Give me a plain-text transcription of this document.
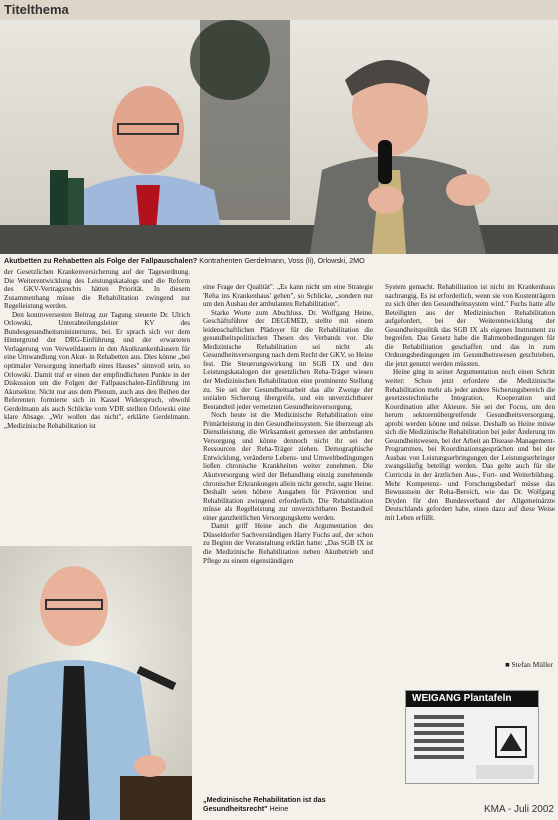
Titelthema
Akutbetten zu Rehabetten als Folge der Fallpauschalen? Kontrahenten Gerdelmann, Voss (li), Orlowski, 2MO

der Gesetzlichen Krankenversicherung auf der Tagesordnung. Die Weiterentwicklung des Leistungskatalogs und die Reform des GKV-Vertragsrechts hätten Priorität. In diesem Zusammenhang müsse die Rehabilitation zwingend zur Regelleistung werden.

Den kontroversesten Beitrag zur Tagung steuerte Dr. Ulrich Orlowski, Unterabteilungsleiter KV des Bundesgesundheitsministeriums, bei. Er sprach sich vor dem Hintergrund der DRG-Einführung und der erwarteten Verlagerung von Verweildauern in den Akutkrankenhäusern für eine Umwandlung von Akut- in Rehabetten aus. Dies könne „bei optimaler Versorgung innerhalb eines Hauses" sinnvoll sein, so Orlowski. Damit traf er einen der empfindlichsten Punkte in der Diskussion um die Folgen der Fallpauschalen-Einführung im Akutsektor. Nicht nur aus dem Plenum, auch aus den Reihen der Referenten formierte sich in Kassel Widerspruch, obwohl Gerdelmann als auch Schlicke vom VDR stellten Orlowski eine klare Absage. „Wir wollen das nicht", erklärte Gerdelmann. „Medizinische Rehabilitation ist

eine Frage der Qualität". „Es kann nicht um eine Strategie 'Reha ins Krankenhaus' gehen", so Schlicke, „sondern nur um den Ausbau der ambulanten Rehabilitation".

Starke Worte zum Abschluss. Dr. Wolfgang Heine, Geschäftsführer der DEGEMED, stellte mit einem leidenschaftlichen Plädoyer für die Rehabilitation die gesundheitspolitischen Thesen des Verbands vor. Die Medizinische Rehabilitation sei nicht als Gesundheitsversorgung nach dem Recht der GKV, so Heine fest. Die Steuerungswirkung im SGB IX und den Leistungskatalogen der gesetzlichen Reha-Träger wiesen der Medizinischen Rehabilitation eine prominente Stellung zu. Sie sei der Gesundheitsarbeit das alle Zweige der sozialen Sicherung übergreife, und ein unverzichtbarer Bestandteil jeder vernetzten Gesundheitsversorgung.

Noch heute ist die Medizinische Rehabilitation eine Primärleistung in den Gesundheitssystem. Sie überzeugt als Dienstleistung, die Wirksamkeit gemessen der ambulanten Versorgung und könne dennoch nicht ihr sei der Ressourcen der Reha-Träger ziehen. Demographische Entwicklung, veränderte Lebens- und Umweltbedingungen ließen chronische Krankheiten weiter zunehmen. Die Akutversorgung wird der Behandlung einzig zunehmende chronischer Erkrankungen allein nicht gerecht, sagte Heine. Deshalb seien höhere Ausgaben für Prävention und Rehabilitation zwingend erforderlich. Die Rehabilitation müsse als Regelleistung zur unverzichtbaren Bestandteil einer ganzheitlichen Versorgungskette werden.

Damit griff Heine auch die Argumentation des Düsseldorfer Sachverständigen Harry Fuchs auf, der schon zu Beginn der Veranstaltung erklärt hatte: „Das SGB IX ist die Medizinische Rehabilitation neben Akutbetrieb und Pflege zu einem eigenständigen

„Medizinische Rehabilitation ist das Gesundheitsrecht" Heine

System gemacht. Rehabilitation ist nicht im Krankenhaus nachrangig. Es ist erforderlich, wenn sie von Kostenträgern zu sich über den Gesundheitssystem wird." Fuchs hatte alle Beteiligten aus der Medizinischen Rehabilitation aufgefordert, bei der Weiterentwicklung der Gesundheitspolitik das SGB IX als eigenes Instrument zu begreifen. Das Gesetz habe die Rahmenbedingungen für die Rehabilitation geschaffen und das in zum Ordnungsbedingungen im Gesundheitswesen geschrieben, die jetzt genutzt werden müssten.

Heine ging in seiner Argumentation noch einen Schritt weiter: Schon jetzt erfordere die Medizinische Rehabilitation mehr als jeder andere Sicherungsbereich die gesetzestechnische Integration, Kooperation und Koordination aller Akteure. Sie sei der Focus, um den herum sektorenübergreifende Gesundheitsversorgung, aprobi werden könne und müsse. Deshalb so Heine müsse sich die Medizinische Rehabilitation bei jeder Änderung im Gesundheitswesen, bei der Arbeit an Disease-Management-Programmen, bei Koordinationsgesprächen und bei der Ausbau von Leistungserbringungen der Leistungserbringer zwangsläufig beteiligt werden. Das gelte auch für die Curricula in der ärztlichen Aus-, Fort- und Weiterbildung. Mehr Kompetenz- und Forschungsbedarf müsse das Bewusstsein der Reha-Bereich, wie das Dr. Wolfgang Dryden für den Bundesverband der Allgemeinärzte Deutschlands gefordert habe, einen dazu auf diese Weise mit Leben erfüllt.

■ Stefan Müller
WEIGANG Plantafeln
KMA - Juli 2002
